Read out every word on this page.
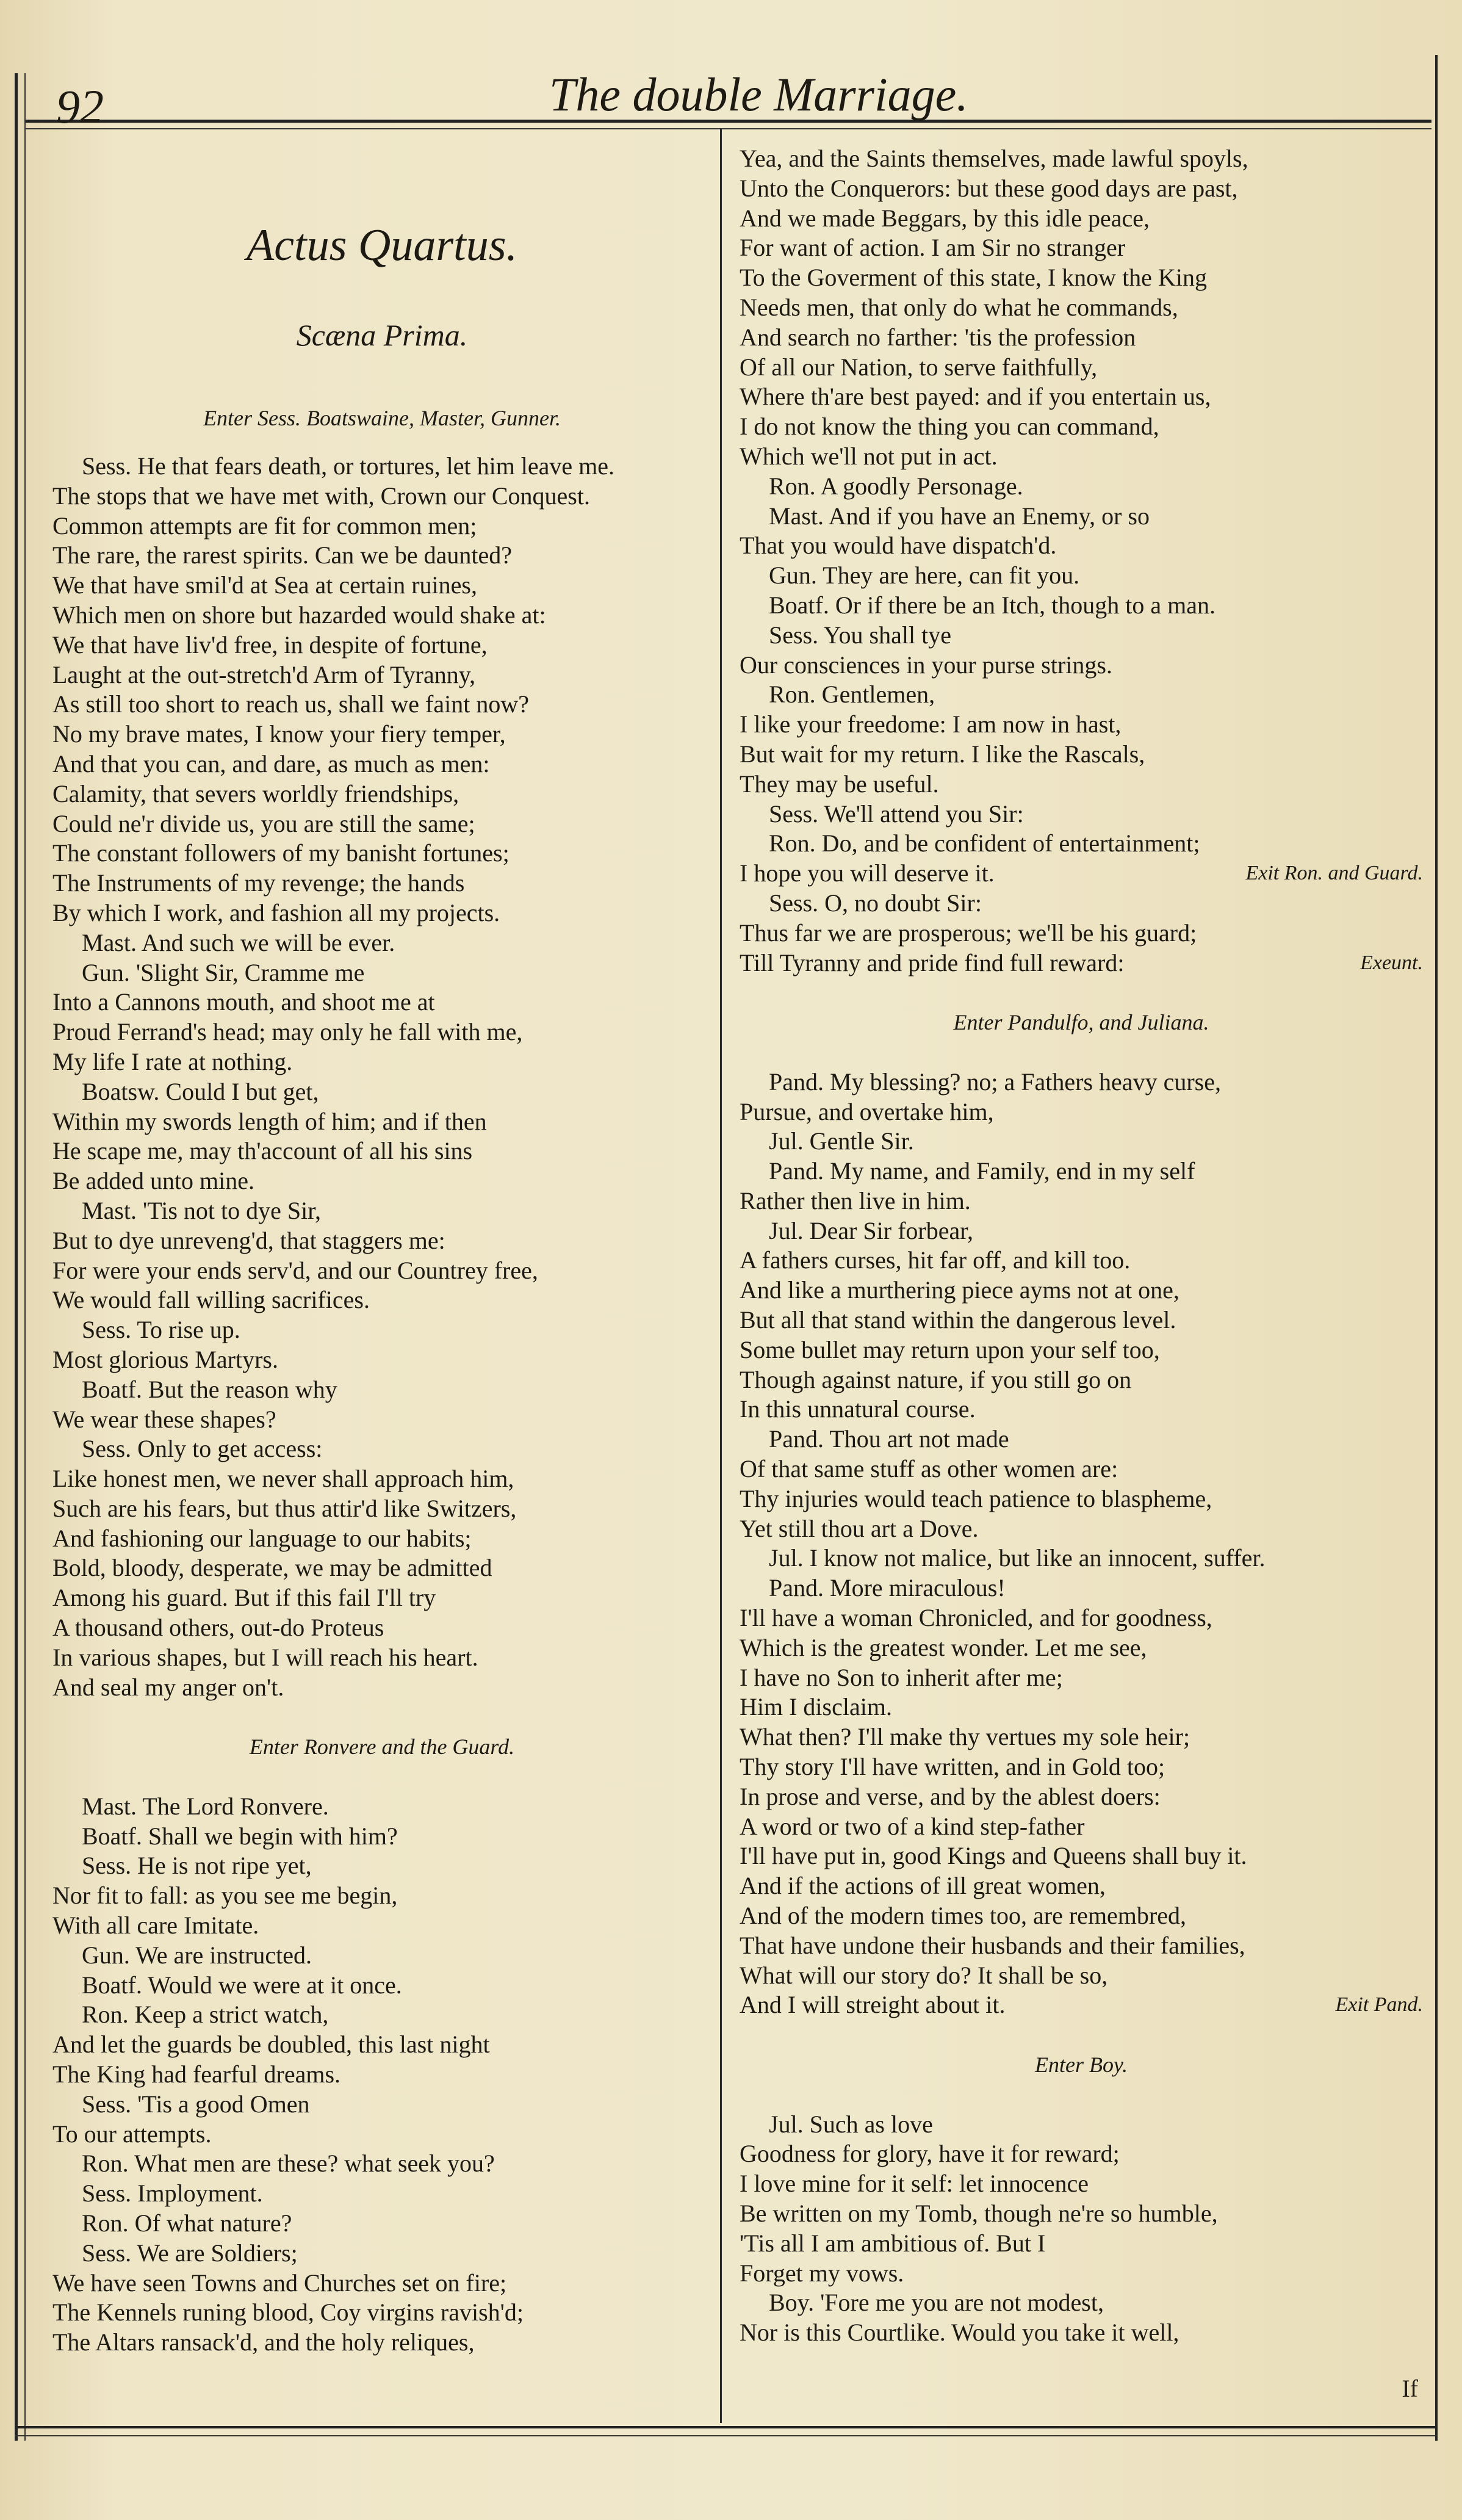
92	The double Marriage.
Actus Quartus.
Scæna Prima.
Enter Sess. Boatswaine, Master, Gunner.
Sess. He that fears death, or tortures, let him leave me.
The stops that we have met with, Crown our Conquest.
Common attempts are fit for common men;
The rare, the rarest spirits. Can we be daunted?
We that have smil'd at Sea at certain ruines,
Which men on shore but hazarded would shake at:
We that have liv'd free, in despite of fortune,
Laught at the out-stretch'd Arm of Tyranny,
As still too short to reach us, shall we faint now?
No my brave mates, I know your fiery temper,
And that you can, and dare, as much as men:
Calamity, that severs worldly friendships,
Could ne'r divide us, you are still the same;
The constant followers of my banisht fortunes;
The Instruments of my revenge; the hands
By which I work, and fashion all my projects.
Mast. And such we will be ever.
Gun. 'Slight Sir, Cramme me
Into a Cannons mouth, and shoot me at
Proud Ferrand's head; may only he fall with me,
My life I rate at nothing.
Boatsw. Could I but get,
Within my swords length of him; and if then
He scape me, may th'account of all his sins
Be added unto mine.
Mast. 'Tis not to dye Sir,
But to dye unreveng'd, that staggers me:
For were your ends serv'd, and our Countrey free,
We would fall willing sacrifices.
Sess. To rise up.
Most glorious Martyrs.
Boatf. But the reason why
We wear these shapes?
Sess. Only to get access:
Like honest men, we never shall approach him,
Such are his fears, but thus attir'd like Switzers,
And fashioning our language to our habits;
Bold, bloody, desperate, we may be admitted
Among his guard. But if this fail I'll try
A thousand others, out-do Proteus
In various shapes, but I will reach his heart.
And seal my anger on't.
Enter Ronvere and the Guard.
Mast. The Lord Ronvere.
Boatf. Shall we begin with him?
Sess. He is not ripe yet,
Nor fit to fall: as you see me begin,
With all care Imitate.
Gun. We are instructed.
Boatf. Would we were at it once.
Ron. Keep a strict watch,
And let the guards be doubled, this last night
The King had fearful dreams.
Sess. 'Tis a good Omen
To our attempts.
Ron. What men are these? what seek you?
Sess. Imployment.
Ron. Of what nature?
Sess. We are Soldiers;
We have seen Towns and Churches set on fire;
The Kennels runing blood, Coy virgins ravish'd;
The Altars ransack'd, and the holy reliques,
Yea, and the Saints themselves, made lawful spoyls,
Unto the Conquerors: but these good days are past,
And we made Beggars, by this idle peace,
For want of action. I am Sir no stranger
To the Goverment of this state, I know the King
Needs men, that only do what he commands,
And search no farther: 'tis the profession
Of all our Nation, to serve faithfully,
Where th'are best payed: and if you entertain us,
I do not know the thing you can command,
Which we'll not put in act.
Ron. A goodly Personage.
Mast. And if you have an Enemy, or so
That you would have dispatch'd.
Gun. They are here, can fit you.
Boatf. Or if there be an Itch, though to a man.
Sess. You shall tye
Our consciences in your purse strings.
Ron. Gentlemen,
I like your freedome: I am now in hast,
But wait for my return. I like the Rascals,
They may be useful.
Sess. We'll attend you Sir:
Ron. Do, and be confident of entertainment;
I hope you will deserve it.	Exit Ron. and Guard.
Sess. O, no doubt Sir:
Thus far we are prosperous; we'll be his guard;
Till Tyranny and pride find full reward:	Exeunt.
Enter Pandulfo, and Juliana.
Pand. My blessing? no; a Fathers heavy curse,
Pursue, and overtake him,
Jul. Gentle Sir.
Pand. My name, and Family, end in my self
Rather then live in him.
Jul. Dear Sir forbear,
A fathers curses, hit far off, and kill too.
And like a murthering piece ayms not at one,
But all that stand within the dangerous level.
Some bullet may return upon your self too,
Though against nature, if you still go on
In this unnatural course.
Pand. Thou art not made
Of that same stuff as other women are:
Thy injuries would teach patience to blaspheme,
Yet still thou art a Dove.
Jul. I know not malice, but like an innocent, suffer.
Pand. More miraculous!
I'll have a woman Chronicled, and for goodness,
Which is the greatest wonder. Let me see,
I have no Son to inherit after me;
Him I disclaim.
What then? I'll make thy vertues my sole heir;
Thy story I'll have written, and in Gold too;
In prose and verse, and by the ablest doers:
A word or two of a kind step-father
I'll have put in, good Kings and Queens shall buy it.
And if the actions of ill great women,
And of the modern times too, are remembred,
That have undone their husbands and their families,
What will our story do? It shall be so,
And I will streight about it.	Exit Pand.
Enter Boy.
Jul. Such as love
Goodness for glory, have it for reward;
I love mine for it self: let innocence
Be written on my Tomb, though ne're so humble,
'Tis all I am ambitious of. But I
Forget my vows.
Boy. 'Fore me you are not modest,
Nor is this Courtlike. Would you take it well,
If
